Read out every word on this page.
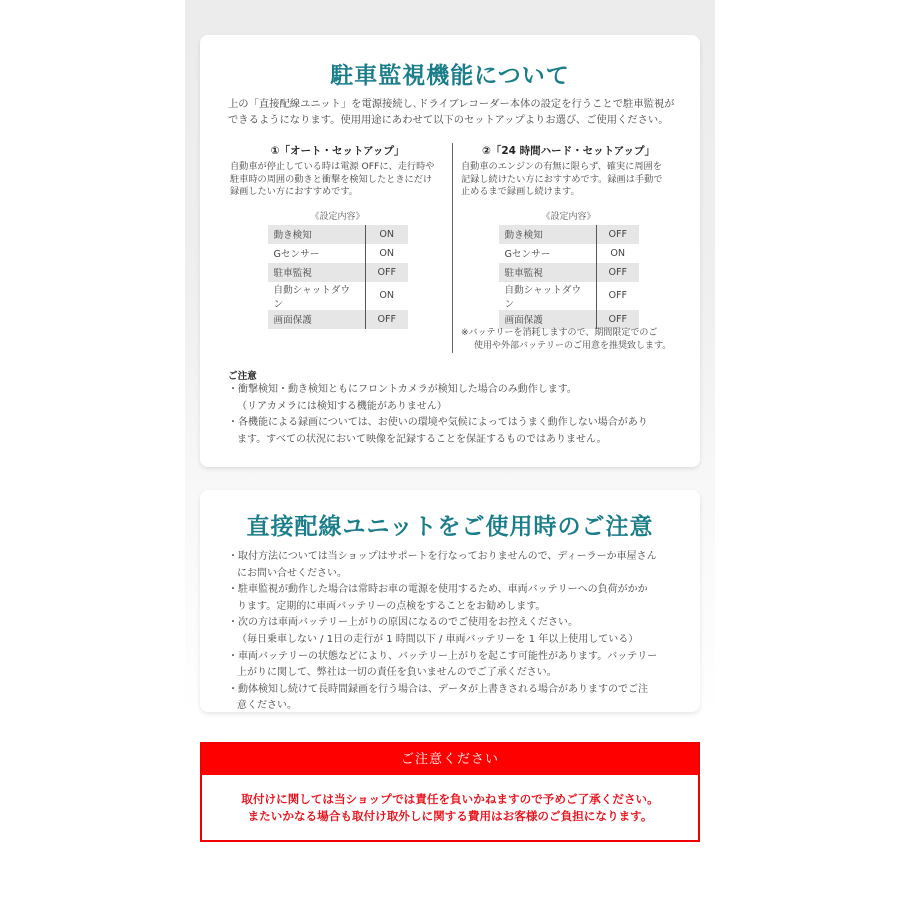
駐車監視機能について
上の「直接配線ユニット」を電源接続し､ドライブレコーダー本体の設定を行うことで駐車監視が
できるようになります。使用用途にあわせて以下のセットアップよりお選び、ご使用ください。
①「オート・セットアップ」
自動車が停止している時は電源 OFFに、走行時や
駐車時の周囲の動きと衝撃を検知したときにだけ
録画したい方におすすめです。
《設定内容》
動き検知	ON
Gセンサー	ON
駐車監視	OFF
自動シャットダウン	ON
画面保護	OFF
②「24 時間ハード・セットアップ」
自動車のエンジンの有無に限らず、確実に周囲を
記録し続けたい方におすすめです。録画は手動で
止めるまで録画し続けます。
《設定内容》
動き検知	OFF
Gセンサー	ON
駐車監視	OFF
自動シャットダウン	OFF
画面保護	OFF
※バッテリーを消耗しますので、期間限定でのご
使用や外部バッテリーのご用意を推奨致します。
ご注意
・衝撃検知・動き検知ともにフロントカメラが検知した場合のみ動作します。
（リアカメラには検知する機能がありません）
・各機能による録画については、お使いの環境や気候によってはうまく動作しない場合があり
ます。すべての状況において映像を記録することを保証するものではありません。
直接配線ユニットをご使用時のご注意
・取付方法については当ショップはサポートを行なっておりませんので、ディーラーか車屋さん
にお問い合せください。
・駐車監視が動作した場合は常時お車の電源を使用するため、車両バッテリーへの負荷がかか
ります。定期的に車両バッテリーの点検をすることをお勧めします。
・次の方は車両バッテリー上がりの原因になるのでご使用をお控えください。
（毎日乗車しない / 1日の走行が 1 時間以下 / 車両バッテリーを 1 年以上使用している）
・車両バッテリーの状態などにより、バッテリー上がりを起こす可能性があります。バッテリー
上がりに関して、弊社は一切の責任を負いませんのでご了承ください。
・動体検知し続けて長時間録画を行う場合は、データが上書きされる場合がありますのでご注
意ください。
ご注意ください
取付けに関しては当ショップでは責任を負いかねますので予めご了承ください。
またいかなる場合も取付け取外しに関する費用はお客様のご負担になります。
